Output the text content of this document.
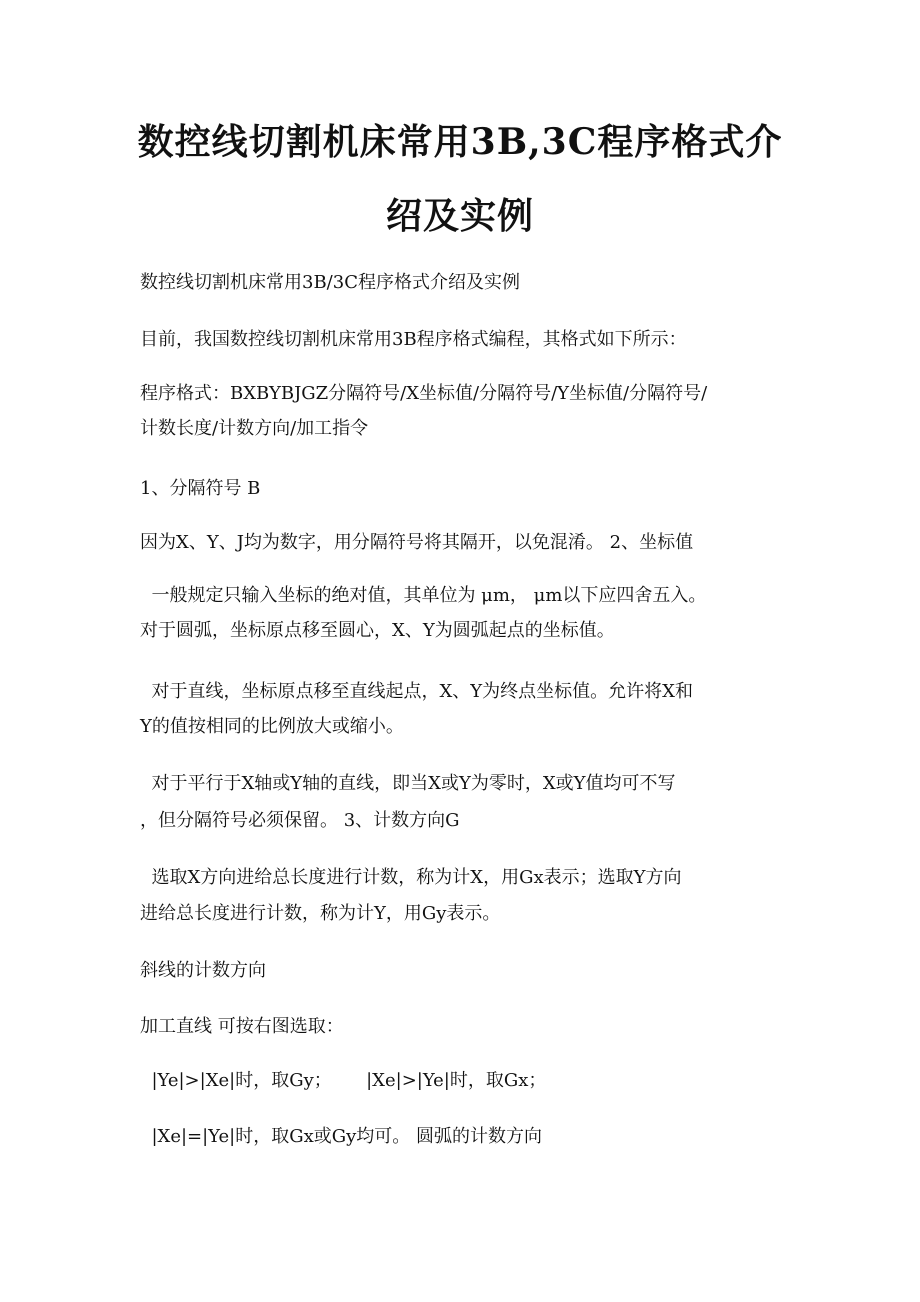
数控线切割机床常用3B,3C程序格式介
绍及实例
数控线切割机床常用3B/3C程序格式介绍及实例
目前，我国数控线切割机床常用3B程序格式编程，其格式如下所示：
程序格式：BXBYBJGZ分隔符号/X坐标值/分隔符号/Y坐标值/分隔符号/
计数长度/计数方向/加工指令
1、分隔符号 B
因为X、Y、J均为数字，用分隔符号将其隔开，以免混淆。 2、坐标值
一般规定只输入坐标的绝对值，其单位为 μm， μm以下应四舍五入。
对于圆弧，坐标原点移至圆心，X、Y为圆弧起点的坐标值。
对于直线，坐标原点移至直线起点，X、Y为终点坐标值。允许将X和
Y的值按相同的比例放大或缩小。
对于平行于X轴或Y轴的直线，即当X或Y为零时，X或Y值均可不写
，但分隔符号必须保留。 3、计数方向G
选取X方向进给总长度进行计数，称为计X，用Gx表示；选取Y方向
进给总长度进行计数，称为计Y，用Gy表示。
斜线的计数方向
加工直线 可按右图选取：
|Ye|>|Xe|时，取Gy；      |Xe|>|Ye|时，取Gx；
|Xe|=|Ye|时，取Gx或Gy均可。 圆弧的计数方向
